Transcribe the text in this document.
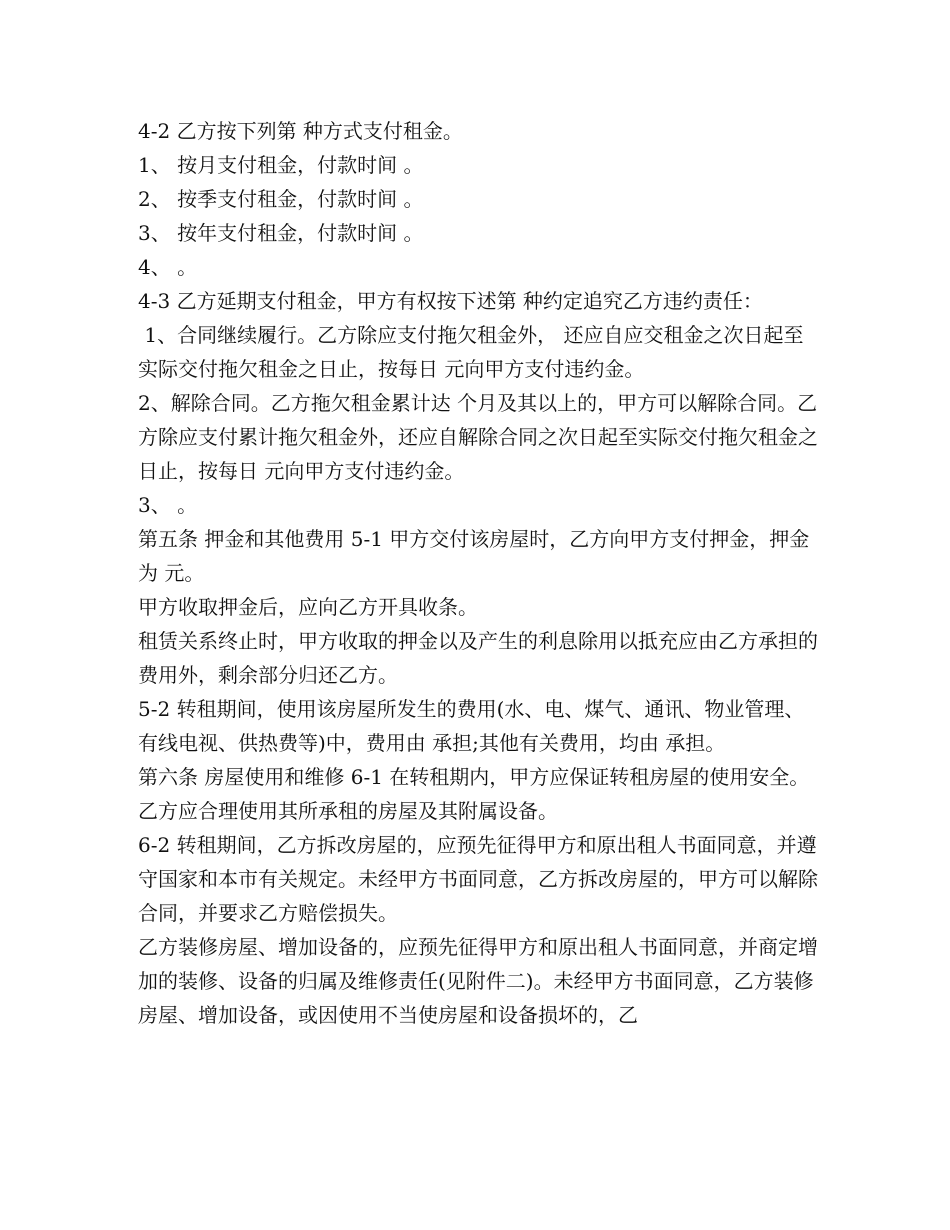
4-2 乙方按下列第 种方式支付租金。

1、 按月支付租金，付款时间 。

2、 按季支付租金，付款时间 。

3、 按年支付租金，付款时间 。

4、 。

4-3 乙方延期支付租金，甲方有权按下述第 种约定追究乙方违约责任：

1、合同继续履行。乙方除应支付拖欠租金外， 还应自应交租金之次日起至实际交付拖欠租金之日止，按每日 元向甲方支付违约金。

2、解除合同。乙方拖欠租金累计达 个月及其以上的，甲方可以解除合同。乙方除应支付累计拖欠租金外，还应自解除合同之次日起至实际交付拖欠租金之日止，按每日 元向甲方支付违约金。

3、 。

第五条 押金和其他费用 5-1 甲方交付该房屋时，乙方向甲方支付押金，押金为 元。

甲方收取押金后，应向乙方开具收条。

租赁关系终止时，甲方收取的押金以及产生的利息除用以抵充应由乙方承担的 费用外，剩余部分归还乙方。

5-2 转租期间，使用该房屋所发生的费用(水、电、煤气、通讯、物业管理、有线电视、供热费等)中，费用由 承担;其他有关费用，均由 承担。

第六条 房屋使用和维修 6-1 在转租期内，甲方应保证转租房屋的使用安全。乙方应合理使用其所承租的房屋及其附属设备。

6-2 转租期间，乙方拆改房屋的，应预先征得甲方和原出租人书面同意，并遵守国家和本市有关规定。未经甲方书面同意，乙方拆改房屋的，甲方可以解除合同，并要求乙方赔偿损失。

乙方装修房屋、增加设备的，应预先征得甲方和原出租人书面同意，并商定增加的装修、设备的归属及维修责任(见附件二)。未经甲方书面同意，乙方装修房屋、增加设备，或因使用不当使房屋和设备损坏的，乙
